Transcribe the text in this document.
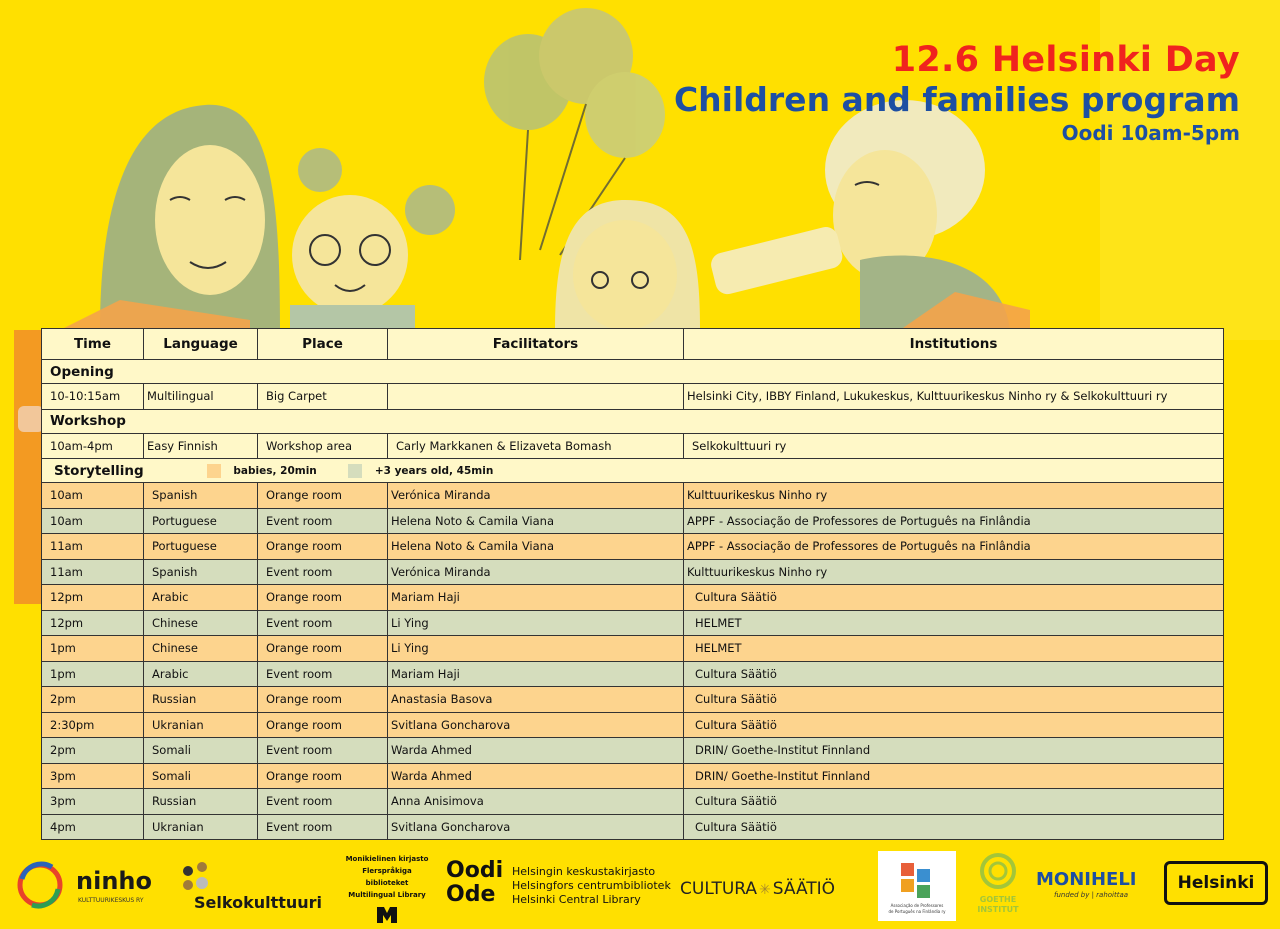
12.6 Helsinki Day
Children and families program
Oodi 10am-5pm
Time	Language	Place	Facilitators	Institutions
Opening				
10-10:15am	Multilingual	Big Carpet		Helsinki City, IBBY Finland, Lukukeskus, Kulttuurikeskus Ninho ry & Selkokulttuuri ry
Workshop				
10am-4pm	Easy Finnish	Workshop area	Carly Markkanen & Elizaveta Bomash	Selkokulttuuri ry
Storytelling babies, 20min +3 years old, 45min				
10am	Spanish	Orange room	Verónica Miranda	Kulttuurikeskus Ninho ry
10am	Portuguese	Event room	Helena Noto & Camila Viana	APPF - Associação de Professores de Português na Finlândia
11am	Portuguese	Orange room	Helena Noto & Camila Viana	APPF - Associação de Professores de Português na Finlândia
11am	Spanish	Event room	Verónica Miranda	Kulttuurikeskus Ninho ry
12pm	Arabic	Orange room	Mariam Haji	Cultura Säätiö
12pm	Chinese	Event room	Li Ying	HELMET
1pm	Chinese	Orange room	Li Ying	HELMET
1pm	Arabic	Event room	Mariam Haji	Cultura Säätiö
2pm	Russian	Orange room	Anastasia Basova	Cultura Säätiö
2:30pm	Ukranian	Orange room	Svitlana Goncharova	Cultura Säätiö
2pm	Somali	Event room	Warda Ahmed	DRIN/ Goethe-Institut Finnland
3pm	Somali	Orange room	Warda Ahmed	DRIN/ Goethe-Institut Finnland
3pm	Russian	Event room	Anna Anisimova	Cultura Säätiö
4pm	Ukranian	Event room	Svitlana Goncharova	Cultura Säätiö
ninho
KULTTUURIKESKUS RY	Selkokulttuuri
Monikielinen kirjasto
Flerspråkiga biblioteket
Multilingual Library
Oodi
Ode
Helsingin keskustakirjasto
Helsingfors centrumbibliotek
Helsinki Central Library
CULTURA ✳ SÄÄTIÖ
Associação de Professores
de Português na Finlândia ry
GOETHE
INSTITUT
MONIHELI
funded by | rahoittaa
Helsinki
